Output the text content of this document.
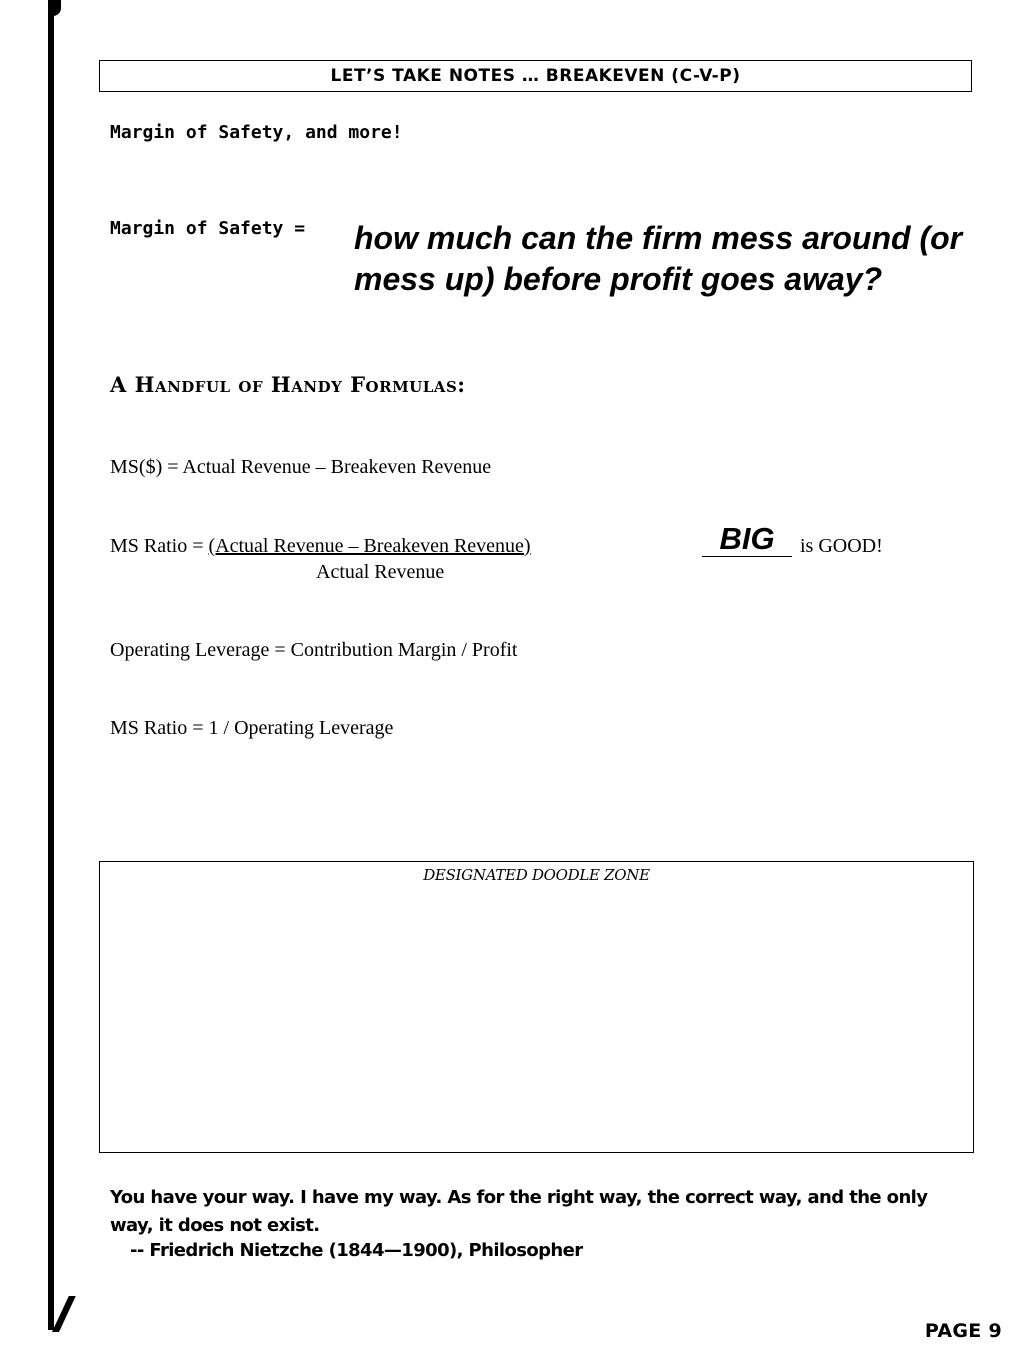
LET’S TAKE NOTES … BREAKEVEN (C-V-P)
Margin of Safety, and more!
Margin of Safety = how much can the firm mess around (or mess up) before profit goes away?
A Handful of Handy Formulas:
MS($) = Actual Revenue – Breakeven Revenue
MS Ratio = (Actual Revenue – Breakeven Revenue)
Actual Revenue
BIG	is GOOD!
Operating Leverage = Contribution Margin / Profit
MS Ratio = 1 / Operating Leverage
DESIGNATED DOODLE ZONE
You have your way. I have my way. As for the right way, the correct way, and the only way, it does not exist.
-- Friedrich Nietzche (1844—1900), Philosopher
PAGE 9
